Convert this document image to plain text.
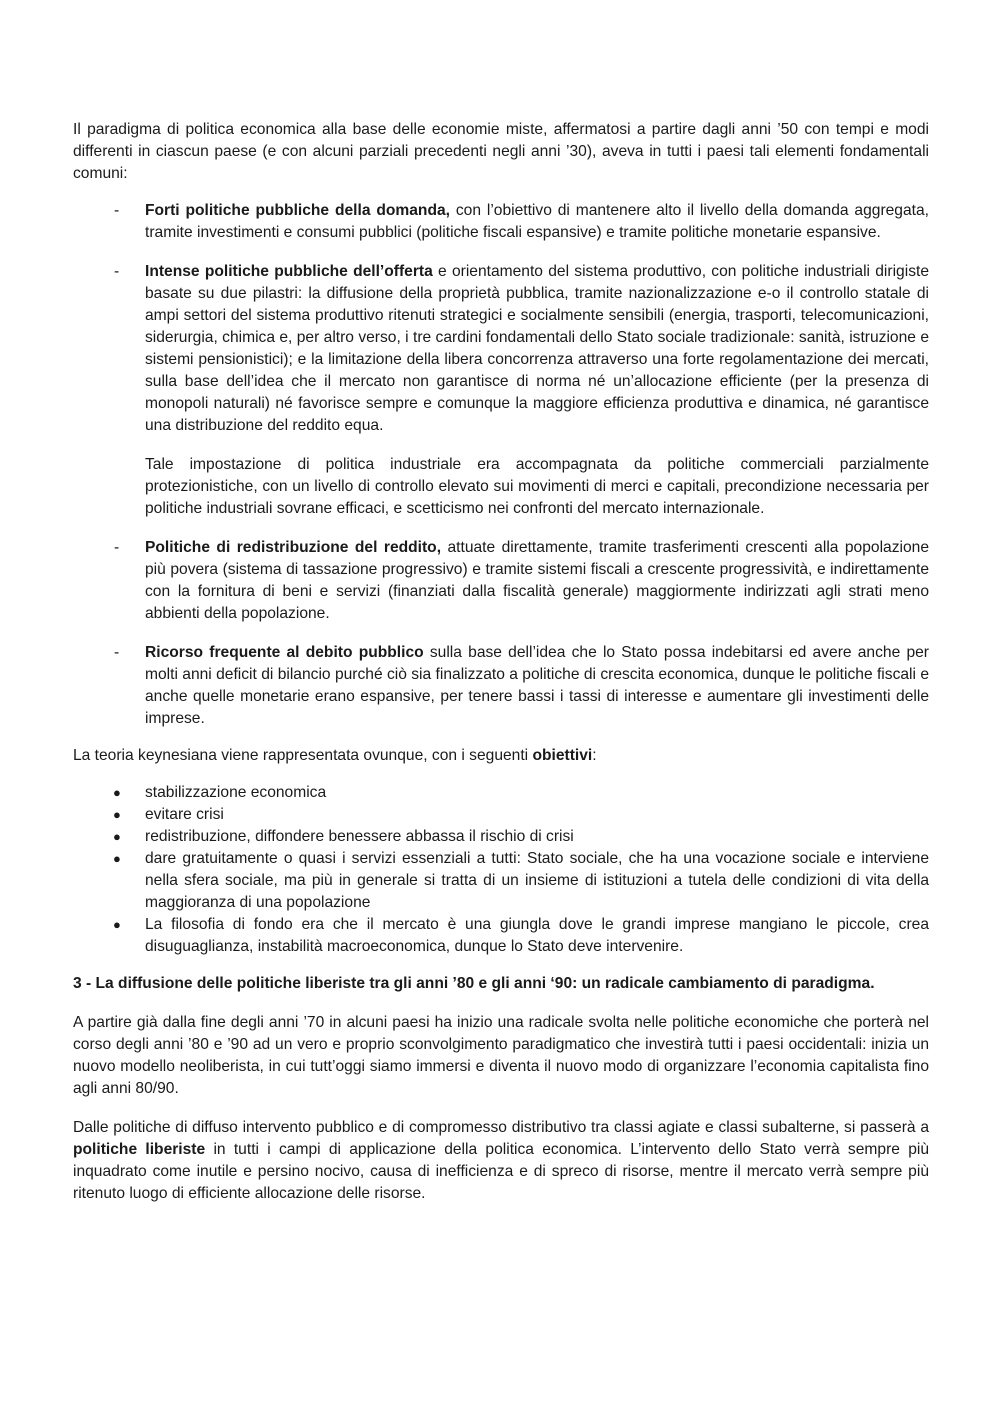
Il paradigma di politica economica alla base delle economie miste, affermatosi a partire dagli anni ’50 con tempi e modi differenti in ciascun paese (e con alcuni parziali precedenti negli anni ’30), aveva in tutti i paesi tali elementi fondamentali comuni:

- Forti politiche pubbliche della domanda, con l’obiettivo di mantenere alto il livello della domanda aggregata, tramite investimenti e consumi pubblici (politiche fiscali espansive) e tramite politiche monetarie espansive.

- Intense politiche pubbliche dell’offerta e orientamento del sistema produttivo, con politiche industriali dirigiste basate su due pilastri: la diffusione della proprietà pubblica, tramite nazionalizzazione e-o il controllo statale di ampi settori del sistema produttivo ritenuti strategici e socialmente sensibili (energia, trasporti, telecomunicazioni, siderurgia, chimica e, per altro verso, i tre cardini fondamentali dello Stato sociale tradizionale: sanità, istruzione e sistemi pensionistici); e la limitazione della libera concorrenza attraverso una forte regolamentazione dei mercati, sulla base dell’idea che il mercato non garantisce di norma né un’allocazione efficiente (per la presenza di monopoli naturali) né favorisce sempre e comunque la maggiore efficienza produttiva e dinamica, né garantisce una distribuzione del reddito equa.

Tale impostazione di politica industriale era accompagnata da politiche commerciali parzialmente protezionistiche, con un livello di controllo elevato sui movimenti di merci e capitali, precondizione necessaria per politiche industriali sovrane efficaci, e scetticismo nei confronti del mercato internazionale.

- Politiche di redistribuzione del reddito, attuate direttamente, tramite trasferimenti crescenti alla popolazione più povera (sistema di tassazione progressivo) e tramite sistemi fiscali a crescente progressività, e indirettamente con la fornitura di beni e servizi (finanziati dalla fiscalità generale) maggiormente indirizzati agli strati meno abbienti della popolazione.

- Ricorso frequente al debito pubblico sulla base dell’idea che lo Stato possa indebitarsi ed avere anche per molti anni deficit di bilancio purché ciò sia finalizzato a politiche di crescita economica, dunque le politiche fiscali e anche quelle monetarie erano espansive, per tenere bassi i tassi di interesse e aumentare gli investimenti delle imprese.

La teoria keynesiana viene rappresentata ovunque, con i seguenti obiettivi:

● stabilizzazione economica

● evitare crisi

● redistribuzione, diffondere benessere abbassa il rischio di crisi

● dare gratuitamente o quasi i servizi essenziali a tutti: Stato sociale, che ha una vocazione sociale e interviene nella sfera sociale, ma più in generale si tratta di un insieme di istituzioni a tutela delle condizioni di vita della maggioranza di una popolazione

● La filosofia di fondo era che il mercato è una giungla dove le grandi imprese mangiano le piccole, crea disuguaglianza, instabilità macroeconomica, dunque lo Stato deve intervenire.

3 - La diffusione delle politiche liberiste tra gli anni ’80 e gli anni ‘90: un radicale cambiamento di paradigma.

A partire già dalla fine degli anni ’70 in alcuni paesi ha inizio una radicale svolta nelle politiche economiche che porterà nel corso degli anni ’80 e ’90 ad un vero e proprio sconvolgimento paradigmatico che investirà tutti i paesi occidentali: inizia un nuovo modello neoliberista, in cui tutt’oggi siamo immersi e diventa il nuovo modo di organizzare l’economia capitalista fino agli anni 80/90.

Dalle politiche di diffuso intervento pubblico e di compromesso distributivo tra classi agiate e classi subalterne, si passerà a politiche liberiste in tutti i campi di applicazione della politica economica. L’intervento dello Stato verrà sempre più inquadrato come inutile e persino nocivo, causa di inefficienza e di spreco di risorse, mentre il mercato verrà sempre più ritenuto luogo di efficiente allocazione delle risorse.
